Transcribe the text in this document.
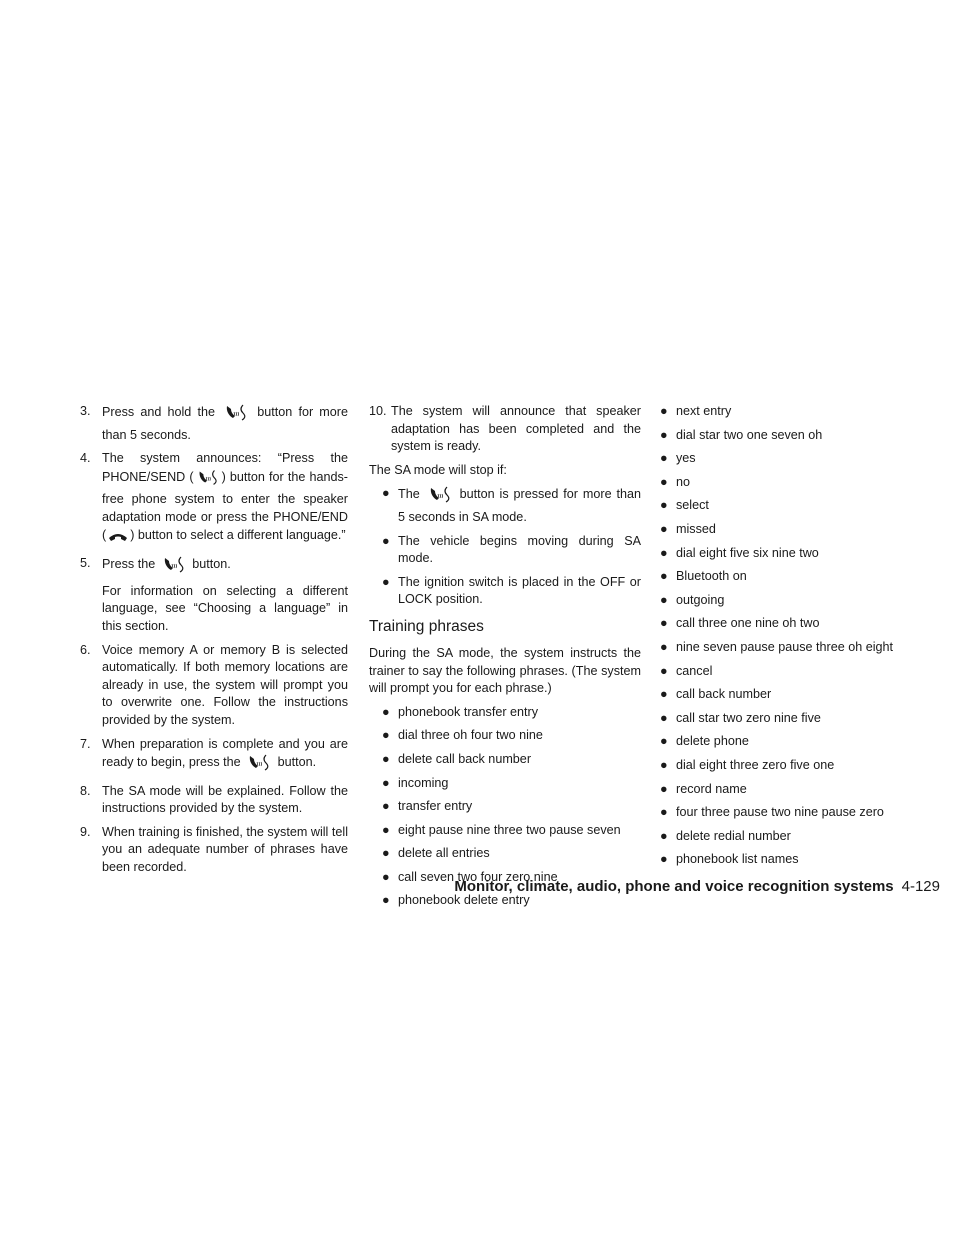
3. Press and hold the	button for more than 5 seconds.
4. The system announces: “Press the PHONE/SEND ( ) button for the hands-free phone system to enter the speaker adaptation mode or press the PHONE/END ( ) button to select a different language.”
5. Press the	button.
For information on selecting a different language, see “Choosing a language” in this section.
6. Voice memory A or memory B is selected automatically. If both memory locations are already in use, the system will prompt you to overwrite one. Follow the instructions provided by the system.
7. When preparation is complete and you are ready to begin, press the	button.
8. The SA mode will be explained. Follow the instructions provided by the system.
9. When training is finished, the system will tell you an adequate number of phrases have been recorded.
10. The system will announce that speaker adaptation has been completed and the system is ready.

The SA mode will stop if:

● The	button is pressed for more than 5 seconds in SA mode.
● The vehicle begins moving during SA mode.
● The ignition switch is placed in the OFF or LOCK position.
Training phrases

During the SA mode, the system instructs the trainer to say the following phrases. (The system will prompt you for each phrase.)

● phonebook transfer entry
● dial three oh four two nine
● delete call back number
● incoming
● transfer entry
● eight pause nine three two pause seven
● delete all entries
● call seven two four zero nine
● phonebook delete entry
● next entry
● dial star two one seven oh
● yes
● no
● select
● missed
● dial eight five six nine two
● Bluetooth on
● outgoing
● call three one nine oh two
● nine seven pause pause three oh eight
● cancel
● call back number
● call star two zero nine five
● delete phone
● dial eight three zero five one
● record name
● four three pause two nine pause zero
● delete redial number
● phonebook list names
Monitor, climate, audio, phone and voice recognition systems 4-129
